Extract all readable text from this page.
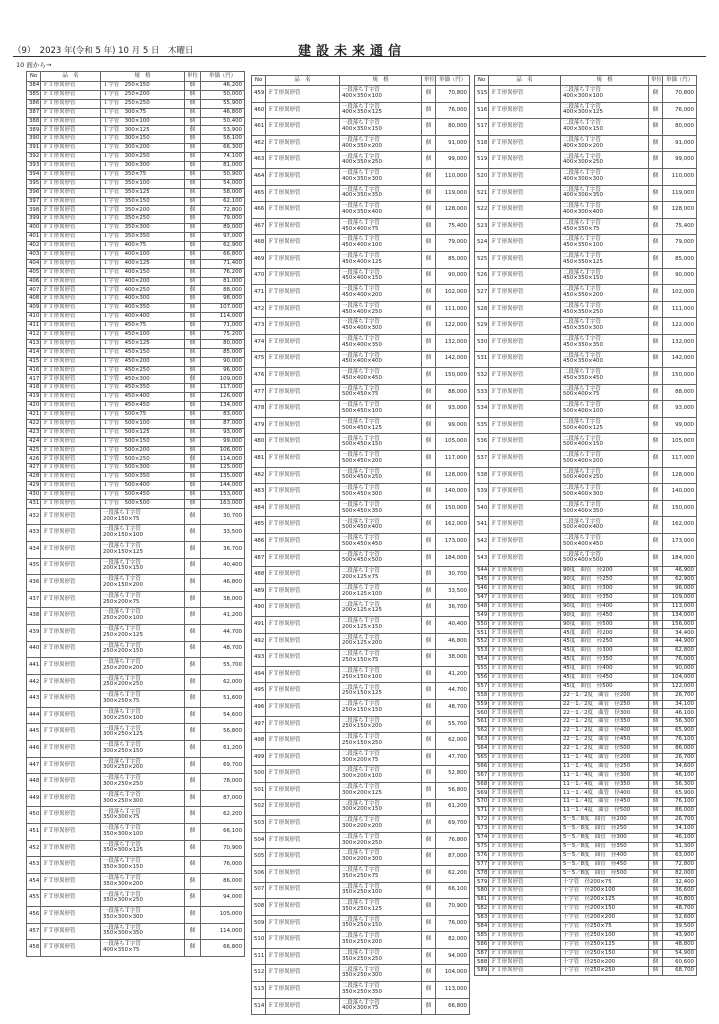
（9）　2023 年(令和 5 年) 10 月 5 日　木曜日	建設未来通信
10 面から→
No	品　名	規　格	単位	単価（円）
384	ＦＴ形異形管	Ｔ字管　250×150	個	46,200
385	ＦＴ形異形管	Ｔ字管　250×200	個	50,000
386	ＦＴ形異形管	Ｔ字管　250×250	個	55,900
387	ＦＴ形異形管	Ｔ字管　300×75	個	46,800
388	ＦＴ形異形管	Ｔ字管　300×100	個	50,400
389	ＦＴ形異形管	Ｔ字管　300×125	個	53,900
390	ＦＴ形異形管	Ｔ字管　300×150	個	58,100
391	ＦＴ形異形管	Ｔ字管　300×200	個	66,300
392	ＦＴ形異形管	Ｔ字管　300×250	個	74,100
393	ＦＴ形異形管	Ｔ字管　300×300	個	81,000
394	ＦＴ形異形管	Ｔ字管　350×75	個	50,900
395	ＦＴ形異形管	Ｔ字管　350×100	個	54,000
396	ＦＴ形異形管	Ｔ字管　350×125	個	58,000
397	ＦＴ形異形管	Ｔ字管　350×150	個	62,100
398	ＦＴ形異形管	Ｔ字管　350×200	個	72,800
399	ＦＴ形異形管	Ｔ字管　350×250	個	79,000
400	ＦＴ形異形管	Ｔ字管　350×300	個	89,000
401	ＦＴ形異形管	Ｔ字管　350×350	個	97,000
402	ＦＴ形異形管	Ｔ字管　400×75	個	62,900
403	ＦＴ形異形管	Ｔ字管　400×100	個	66,800
404	ＦＴ形異形管	Ｔ字管　400×125	個	71,400
405	ＦＴ形異形管	Ｔ字管　400×150	個	76,200
406	ＦＴ形異形管	Ｔ字管　400×200	個	81,000
407	ＦＴ形異形管	Ｔ字管　400×250	個	88,000
408	ＦＴ形異形管	Ｔ字管　400×300	個	98,000
409	ＦＴ形異形管	Ｔ字管　400×350	個	107,000
410	ＦＴ形異形管	Ｔ字管　400×400	個	114,000
411	ＦＴ形異形管	Ｔ字管　450×75	個	71,000
412	ＦＴ形異形管	Ｔ字管　450×100	個	75,200
413	ＦＴ形異形管	Ｔ字管　450×125	個	80,000
414	ＦＴ形異形管	Ｔ字管　450×150	個	85,000
415	ＦＴ形異形管	Ｔ字管　450×200	個	90,000
416	ＦＴ形異形管	Ｔ字管　450×250	個	96,000
417	ＦＴ形異形管	Ｔ字管　450×300	個	109,000
418	ＦＴ形異形管	Ｔ字管　450×350	個	117,000
419	ＦＴ形異形管	Ｔ字管　450×400	個	126,000
420	ＦＴ形異形管	Ｔ字管　450×450	個	134,000
421	ＦＴ形異形管	Ｔ字管　500×75	個	83,000
422	ＦＴ形異形管	Ｔ字管　500×100	個	87,000
423	ＦＴ形異形管	Ｔ字管　500×125	個	93,000
424	ＦＴ形異形管	Ｔ字管　500×150	個	99,000
425	ＦＴ形異形管	Ｔ字管　500×200	個	106,000
426	ＦＴ形異形管	Ｔ字管　500×250	個	114,000
427	ＦＴ形異形管	Ｔ字管　500×300	個	125,000
428	ＦＴ形異形管	Ｔ字管　500×350	個	135,000
429	ＦＴ形異形管	Ｔ字管　500×400	個	144,000
430	ＦＴ形異形管	Ｔ字管　500×450	個	153,000
431	ＦＴ形異形管	Ｔ字管　500×500	個	163,000
432	ＦＴ形異形管	一段落ちＴ字管
200×150×75	個	30,700
433	ＦＴ形異形管	一段落ちＴ字管
200×150×100	個	33,500
434	ＦＴ形異形管	一段落ちＴ字管
200×150×125	個	36,700
435	ＦＴ形異形管	一段落ちＴ字管
200×150×150	個	40,400
436	ＦＴ形異形管	一段落ちＴ字管
200×150×200	個	46,800
437	ＦＴ形異形管	一段落ちＴ字管
250×200×75	個	38,000
438	ＦＴ形異形管	一段落ちＴ字管
250×200×100	個	41,200
439	ＦＴ形異形管	一段落ちＴ字管
250×200×125	個	44,700
440	ＦＴ形異形管	一段落ちＴ字管
250×200×150	個	48,700
441	ＦＴ形異形管	一段落ちＴ字管
250×200×200	個	55,700
442	ＦＴ形異形管	一段落ちＴ字管
250×200×250	個	62,000
443	ＦＴ形異形管	一段落ちＴ字管
300×250×75	個	51,600
444	ＦＴ形異形管	一段落ちＴ字管
300×250×100	個	54,600
445	ＦＴ形異形管	一段落ちＴ字管
300×250×125	個	56,800
446	ＦＴ形異形管	一段落ちＴ字管
300×250×150	個	61,200
447	ＦＴ形異形管	一段落ちＴ字管
300×250×200	個	69,700
448	ＦＴ形異形管	一段落ちＴ字管
300×250×250	個	78,000
449	ＦＴ形異形管	一段落ちＴ字管
300×250×300	個	87,000
450	ＦＴ形異形管	一段落ちＴ字管
350×300×75	個	62,200
451	ＦＴ形異形管	一段落ちＴ字管
350×300×100	個	66,100
452	ＦＴ形異形管	一段落ちＴ字管
350×300×125	個	70,900
453	ＦＴ形異形管	一段落ちＴ字管
350×300×150	個	76,000
454	ＦＴ形異形管	一段落ちＴ字管
350×300×200	個	86,000
455	ＦＴ形異形管	一段落ちＴ字管
350×300×250	個	94,000
456	ＦＴ形異形管	一段落ちＴ字管
350×300×300	個	105,000
457	ＦＴ形異形管	一段落ちＴ字管
350×300×350	個	114,000
458	ＦＴ形異形管	一段落ちＴ字管
400×350×75	個	66,800
No	品　名	規　格	単位	単価（円）
459	ＦＴ形異形管	一段落ちＴ字管
400×350×100	個	70,800
460	ＦＴ形異形管	一段落ちＴ字管
400×350×125	個	76,000
461	ＦＴ形異形管	一段落ちＴ字管
400×350×150	個	80,000
462	ＦＴ形異形管	一段落ちＴ字管
400×350×200	個	91,000
463	ＦＴ形異形管	一段落ちＴ字管
400×350×250	個	99,000
464	ＦＴ形異形管	一段落ちＴ字管
400×350×300	個	110,000
465	ＦＴ形異形管	一段落ちＴ字管
400×350×350	個	119,000
466	ＦＴ形異形管	一段落ちＴ字管
400×350×400	個	128,000
467	ＦＴ形異形管	一段落ちＴ字管
450×400×75	個	75,400
468	ＦＴ形異形管	一段落ちＴ字管
450×400×100	個	79,000
469	ＦＴ形異形管	一段落ちＴ字管
450×400×125	個	85,000
470	ＦＴ形異形管	一段落ちＴ字管
450×400×150	個	90,000
471	ＦＴ形異形管	一段落ちＴ字管
450×400×200	個	102,000
472	ＦＴ形異形管	一段落ちＴ字管
450×400×250	個	111,000
473	ＦＴ形異形管	一段落ちＴ字管
450×400×300	個	122,000
474	ＦＴ形異形管	一段落ちＴ字管
450×400×350	個	132,000
475	ＦＴ形異形管	一段落ちＴ字管
450×400×400	個	142,000
476	ＦＴ形異形管	一段落ちＴ字管
450×400×450	個	150,000
477	ＦＴ形異形管	一段落ちＴ字管
500×450×75	個	88,000
478	ＦＴ形異形管	一段落ちＴ字管
500×450×100	個	93,000
479	ＦＴ形異形管	一段落ちＴ字管
500×450×125	個	99,000
480	ＦＴ形異形管	一段落ちＴ字管
500×450×150	個	105,000
481	ＦＴ形異形管	一段落ちＴ字管
500×450×200	個	117,000
482	ＦＴ形異形管	一段落ちＴ字管
500×450×250	個	128,000
483	ＦＴ形異形管	一段落ちＴ字管
500×450×300	個	140,000
484	ＦＴ形異形管	一段落ちＴ字管
500×450×350	個	150,000
485	ＦＴ形異形管	一段落ちＴ字管
500×450×400	個	162,000
486	ＦＴ形異形管	一段落ちＴ字管
500×450×450	個	173,000
487	ＦＴ形異形管	一段落ちＴ字管
500×450×500	個	184,000
488	ＦＴ形異形管	二段落ちＴ字管
200×125×75	個	30,700
489	ＦＴ形異形管	二段落ちＴ字管
200×125×100	個	33,500
490	ＦＴ形異形管	二段落ちＴ字管
200×125×125	個	36,700
491	ＦＴ形異形管	二段落ちＴ字管
200×125×150	個	40,400
492	ＦＴ形異形管	二段落ちＴ字管
200×125×200	個	46,800
493	ＦＴ形異形管	二段落ちＴ字管
250×150×75	個	38,000
494	ＦＴ形異形管	二段落ちＴ字管
250×150×100	個	41,200
495	ＦＴ形異形管	二段落ちＴ字管
250×150×125	個	44,700
496	ＦＴ形異形管	二段落ちＴ字管
250×150×150	個	48,700
497	ＦＴ形異形管	二段落ちＴ字管
250×150×200	個	55,700
498	ＦＴ形異形管	二段落ちＴ字管
250×150×250	個	62,000
499	ＦＴ形異形管	二段落ちＴ字管
300×200×75	個	47,700
500	ＦＴ形異形管	二段落ちＴ字管
300×200×100	個	52,800
501	ＦＴ形異形管	二段落ちＴ字管
300×200×125	個	56,800
502	ＦＴ形異形管	二段落ちＴ字管
300×200×150	個	61,200
503	ＦＴ形異形管	二段落ちＴ字管
300×200×200	個	69,700
504	ＦＴ形異形管	二段落ちＴ字管
300×200×250	個	76,800
505	ＦＴ形異形管	二段落ちＴ字管
300×200×300	個	87,000
506	ＦＴ形異形管	二段落ちＴ字管
350×250×75	個	62,200
507	ＦＴ形異形管	二段落ちＴ字管
350×250×100	個	66,100
508	ＦＴ形異形管	二段落ちＴ字管
350×250×125	個	70,900
509	ＦＴ形異形管	二段落ちＴ字管
350×250×150	個	76,000
510	ＦＴ形異形管	二段落ちＴ字管
350×250×200	個	82,000
511	ＦＴ形異形管	二段落ちＴ字管
350×250×250	個	94,000
512	ＦＴ形異形管	二段落ちＴ字管
350×250×300	個	104,000
513	ＦＴ形異形管	二段落ちＴ字管
350×250×350	個	113,000
514	ＦＴ形異形管	二段落ちＴ字管
400×300×75	個	66,800
No	品　名	規　格	単位	単価（円）
515	ＦＴ形異形管	二段落ちＴ字管
400×300×100	個	70,800
516	ＦＴ形異形管	二段落ちＴ字管
400×300×125	個	76,000
517	ＦＴ形異形管	二段落ちＴ字管
400×300×150	個	80,000
518	ＦＴ形異形管	二段落ちＴ字管
400×300×200	個	91,000
519	ＦＴ形異形管	二段落ちＴ字管
400×300×250	個	99,000
520	ＦＴ形異形管	二段落ちＴ字管
400×300×300	個	110,000
521	ＦＴ形異形管	二段落ちＴ字管
400×300×350	個	119,000
522	ＦＴ形異形管	二段落ちＴ字管
400×300×400	個	128,000
523	ＦＴ形異形管	二段落ちＴ字管
450×350×75	個	75,400
524	ＦＴ形異形管	二段落ちＴ字管
450×350×100	個	79,000
525	ＦＴ形異形管	二段落ちＴ字管
450×350×125	個	85,000
526	ＦＴ形異形管	二段落ちＴ字管
450×350×150	個	90,000
527	ＦＴ形異形管	二段落ちＴ字管
450×350×200	個	102,000
528	ＦＴ形異形管	二段落ちＴ字管
450×350×250	個	111,000
529	ＦＴ形異形管	二段落ちＴ字管
450×350×300	個	122,000
530	ＦＴ形異形管	二段落ちＴ字管
450×350×350	個	132,000
531	ＦＴ形異形管	二段落ちＴ字管
450×350×400	個	142,000
532	ＦＴ形異形管	二段落ちＴ字管
450×350×450	個	150,000
533	ＦＴ形異形管	二段落ちＴ字管
500×400×75	個	88,000
534	ＦＴ形異形管	二段落ちＴ字管
500×400×100	個	93,000
535	ＦＴ形異形管	二段落ちＴ字管
500×400×125	個	99,000
536	ＦＴ形異形管	二段落ちＴ字管
500×400×150	個	105,000
537	ＦＴ形異形管	二段落ちＴ字管
500×400×200	個	117,000
538	ＦＴ形異形管	二段落ちＴ字管
500×400×250	個	128,000
539	ＦＴ形異形管	二段落ちＴ字管
500×400×300	個	140,000
540	ＦＴ形異形管	二段落ちＴ字管
500×400×350	個	150,000
541	ＦＴ形異形管	二段落ちＴ字管
500×400×400	個	162,000
542	ＦＴ形異形管	二段落ちＴ字管
500×400×450	個	173,000
543	ＦＴ形異形管	二段落ちＴ字管
500×400×500	個	184,000
544	ＦＴ形異形管	90度　曲管　径200	個	46,900
545	ＦＴ形異形管	90度　曲管　径250	個	62,900
546	ＦＴ形異形管	90度　曲管　径300	個	96,000
547	ＦＴ形異形管	90度　曲管　径350	個	109,000
548	ＦＴ形異形管	90度　曲管　径400	個	113,000
549	ＦＴ形異形管	90度　曲管　径450	個	134,000
550	ＦＴ形異形管	90度　曲管　径500	個	156,000
551	ＦＴ形異形管	45度　曲管　径200	個	34,400
552	ＦＴ形異形管	45度　曲管　径250	個	44,900
553	ＦＴ形異形管	45度　曲管　径300	個	62,800
554	ＦＴ形異形管	45度　曲管　径350	個	76,000
555	ＦＴ形異形管	45度　曲管　径400	個	90,000
556	ＦＴ形異形管	45度　曲管　径450	個	104,000
557	ＦＴ形異形管	45度　曲管　径500	個	122,000
558	ＦＴ形異形管	22－1／2度　曲管　径200	個	26,700
559	ＦＴ形異形管	22－1／2度　曲管　径250	個	34,100
560	ＦＴ形異形管	22－1／2度　曲管　径300	個	46,100
561	ＦＴ形異形管	22－1／2度　曲管　径350	個	56,300
562	ＦＴ形異形管	22－1／2度　曲管　径400	個	65,900
563	ＦＴ形異形管	22－1／2度　曲管　径450	個	76,100
564	ＦＴ形異形管	22－1／2度　曲管　径500	個	86,000
565	ＦＴ形異形管	11－1／4度　曲管　径200	個	26,700
566	ＦＴ形異形管	11－1／4度　曲管　径250	個	34,600
567	ＦＴ形異形管	11－1／4度　曲管　径300	個	46,100
568	ＦＴ形異形管	11－1／4度　曲管　径350	個	56,300
569	ＦＴ形異形管	11－1／4度　曲管　径400	個	65,900
570	ＦＴ形異形管	11－1／4度　曲管　径450	個	76,100
571	ＦＴ形異形管	11－1／4度　曲管　径500	個	86,000
572	ＦＴ形異形管	5－5／8度　曲管　径200	個	26,700
573	ＦＴ形異形管	5－5／8度　曲管　径250	個	34,100
574	ＦＴ形異形管	5－5／8度　曲管　径300	個	46,100
575	ＦＴ形異形管	5－5／8度　曲管　径350	個	51,300
576	ＦＴ形異形管	5－5／8度　曲管　径400	個	63,000
577	ＦＴ形異形管	5－5／8度　曲管　径450	個	72,800
578	ＦＴ形異形管	5－5／8度　曲管　径500	個	82,000
579	ＦＴ形異形管	十字管　径200×75	個	32,400
580	ＦＴ形異形管	十字管　径200×100	個	36,600
581	ＦＴ形異形管	十字管　径200×125	個	40,800
582	ＦＴ形異形管	十字管　径200×150	個	48,700
583	ＦＴ形異形管	十字管　径200×200	個	52,600
584	ＦＴ形異形管	十字管　径250×75	個	39,500
585	ＦＴ形異形管	十字管　径250×100	個	43,900
586	ＦＴ形異形管	十字管　径250×125	個	48,800
587	ＦＴ形異形管	十字管　径250×150	個	54,900
588	ＦＴ形異形管	十字管　径250×200	個	60,600
589	ＦＴ形異形管	十字管　径250×250	個	68,700
